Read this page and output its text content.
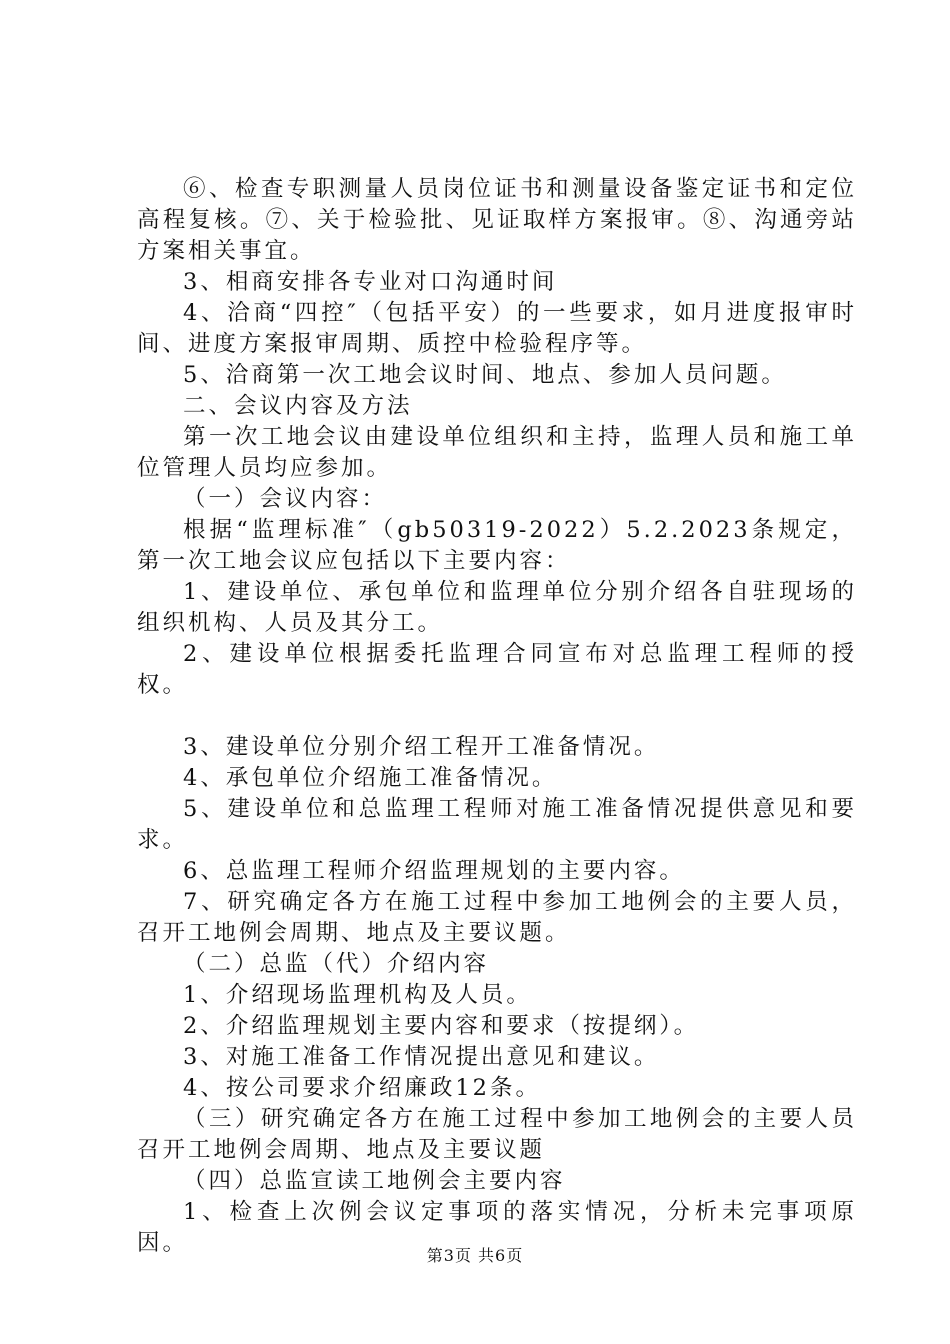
⑥、检查专职测量人员岗位证书和测量设备鉴定证书和定位高程复核。⑦、关于检验批、见证取样方案报审。⑧、沟通旁站方案相关事宜。

3、相商安排各专业对口沟通时间

4、洽商“四控″（包括平安）的一些要求，如月进度报审时间、进度方案报审周期、质控中检验程序等。

5、洽商第一次工地会议时间、地点、参加人员问题。

二、会议内容及方法

第一次工地会议由建设单位组织和主持，监理人员和施工单位管理人员均应参加。

（一）会议内容：

根据“监理标准″（gb50319-2022）5.2.2023条规定，第一次工地会议应包括以下主要内容：

1、建设单位、承包单位和监理单位分别介绍各自驻现场的组织机构、人员及其分工。

2、建设单位根据委托监理合同宣布对总监理工程师的授权。

3、建设单位分别介绍工程开工准备情况。

4、承包单位介绍施工准备情况。

5、建设单位和总监理工程师对施工准备情况提供意见和要求。

6、总监理工程师介绍监理规划的主要内容。

7、研究确定各方在施工过程中参加工地例会的主要人员，召开工地例会周期、地点及主要议题。

（二）总监（代）介绍内容

1、介绍现场监理机构及人员。

2、介绍监理规划主要内容和要求（按提纲）。

3、对施工准备工作情况提出意见和建议。

4、按公司要求介绍廉政12条。

（三）研究确定各方在施工过程中参加工地例会的主要人员召开工地例会周期、地点及主要议题

（四）总监宣读工地例会主要内容

1、检查上次例会议定事项的落实情况，分析未完事项原因。	第3页 共6页
